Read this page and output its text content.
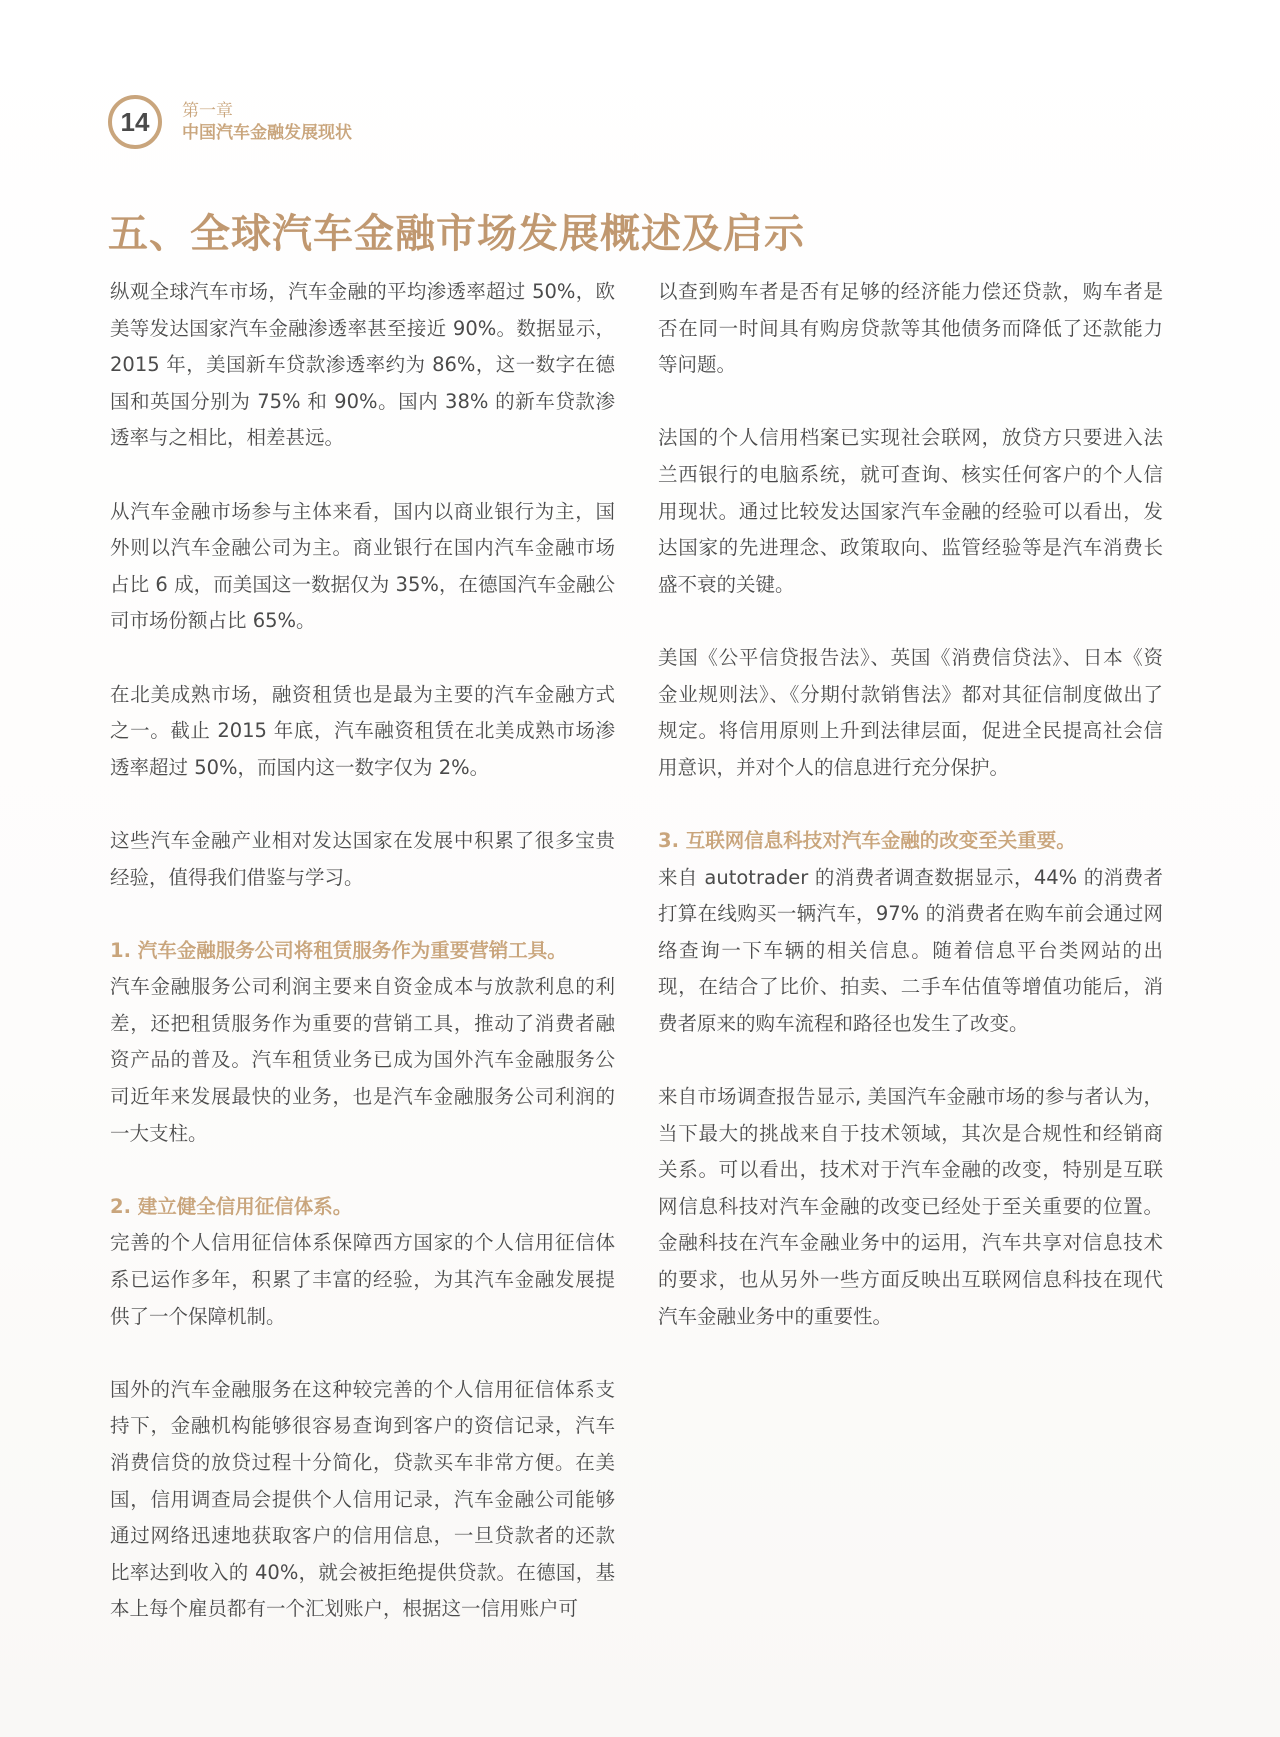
14	第一章
中国汽车金融发展现状
五、全球汽车金融市场发展概述及启示

纵观全球汽车市场，汽车金融的平均渗透率超过 50%，欧美等发达国家汽车金融渗透率甚至接近 90%。数据显示，2015 年，美国新车贷款渗透率约为 86%，这一数字在德国和英国分别为 75% 和 90%。国内 38% 的新车贷款渗透率与之相比，相差甚远。

从汽车金融市场参与主体来看，国内以商业银行为主，国外则以汽车金融公司为主。商业银行在国内汽车金融市场占比 6 成，而美国这一数据仅为 35%，在德国汽车金融公司市场份额占比 65%。

在北美成熟市场，融资租赁也是最为主要的汽车金融方式之一。截止 2015 年底，汽车融资租赁在北美成熟市场渗透率超过 50%，而国内这一数字仅为 2%。

这些汽车金融产业相对发达国家在发展中积累了很多宝贵经验，值得我们借鉴与学习。

1. 汽车金融服务公司将租赁服务作为重要营销工具。

汽车金融服务公司利润主要来自资金成本与放款利息的利差，还把租赁服务作为重要的营销工具，推动了消费者融资产品的普及。汽车租赁业务已成为国外汽车金融服务公司近年来发展最快的业务，也是汽车金融服务公司利润的一大支柱。

2. 建立健全信用征信体系。

完善的个人信用征信体系保障西方国家的个人信用征信体系已运作多年，积累了丰富的经验，为其汽车金融发展提供了一个保障机制。

国外的汽车金融服务在这种较完善的个人信用征信体系支持下，金融机构能够很容易查询到客户的资信记录，汽车消费信贷的放贷过程十分简化，贷款买车非常方便。在美国，信用调查局会提供个人信用记录，汽车金融公司能够通过网络迅速地获取客户的信用信息，一旦贷款者的还款比率达到收入的 40%，就会被拒绝提供贷款。在德国，基本上每个雇员都有一个汇划账户，根据这一信用账户可

以查到购车者是否有足够的经济能力偿还贷款，购车者是否在同一时间具有购房贷款等其他债务而降低了还款能力等问题。

法国的个人信用档案已实现社会联网，放贷方只要进入法兰西银行的电脑系统，就可查询、核实任何客户的个人信用现状。通过比较发达国家汽车金融的经验可以看出，发达国家的先进理念、政策取向、监管经验等是汽车消费长盛不衰的关键。

美国《公平信贷报告法》、英国《消费信贷法》、日本《资金业规则法》、《分期付款销售法》都对其征信制度做出了规定。将信用原则上升到法律层面，促进全民提高社会信用意识，并对个人的信息进行充分保护。

3. 互联网信息科技对汽车金融的改变至关重要。

来自 autotrader 的消费者调查数据显示，44% 的消费者打算在线购买一辆汽车，97% 的消费者在购车前会通过网络查询一下车辆的相关信息。随着信息平台类网站的出现，在结合了比价、拍卖、二手车估值等增值功能后，消费者原来的购车流程和路径也发生了改变。

来自市场调查报告显示, 美国汽车金融市场的参与者认为，当下最大的挑战来自于技术领域，其次是合规性和经销商关系。可以看出，技术对于汽车金融的改变，特别是互联网信息科技对汽车金融的改变已经处于至关重要的位置。金融科技在汽车金融业务中的运用，汽车共享对信息技术的要求，也从另外一些方面反映出互联网信息科技在现代汽车金融业务中的重要性。
